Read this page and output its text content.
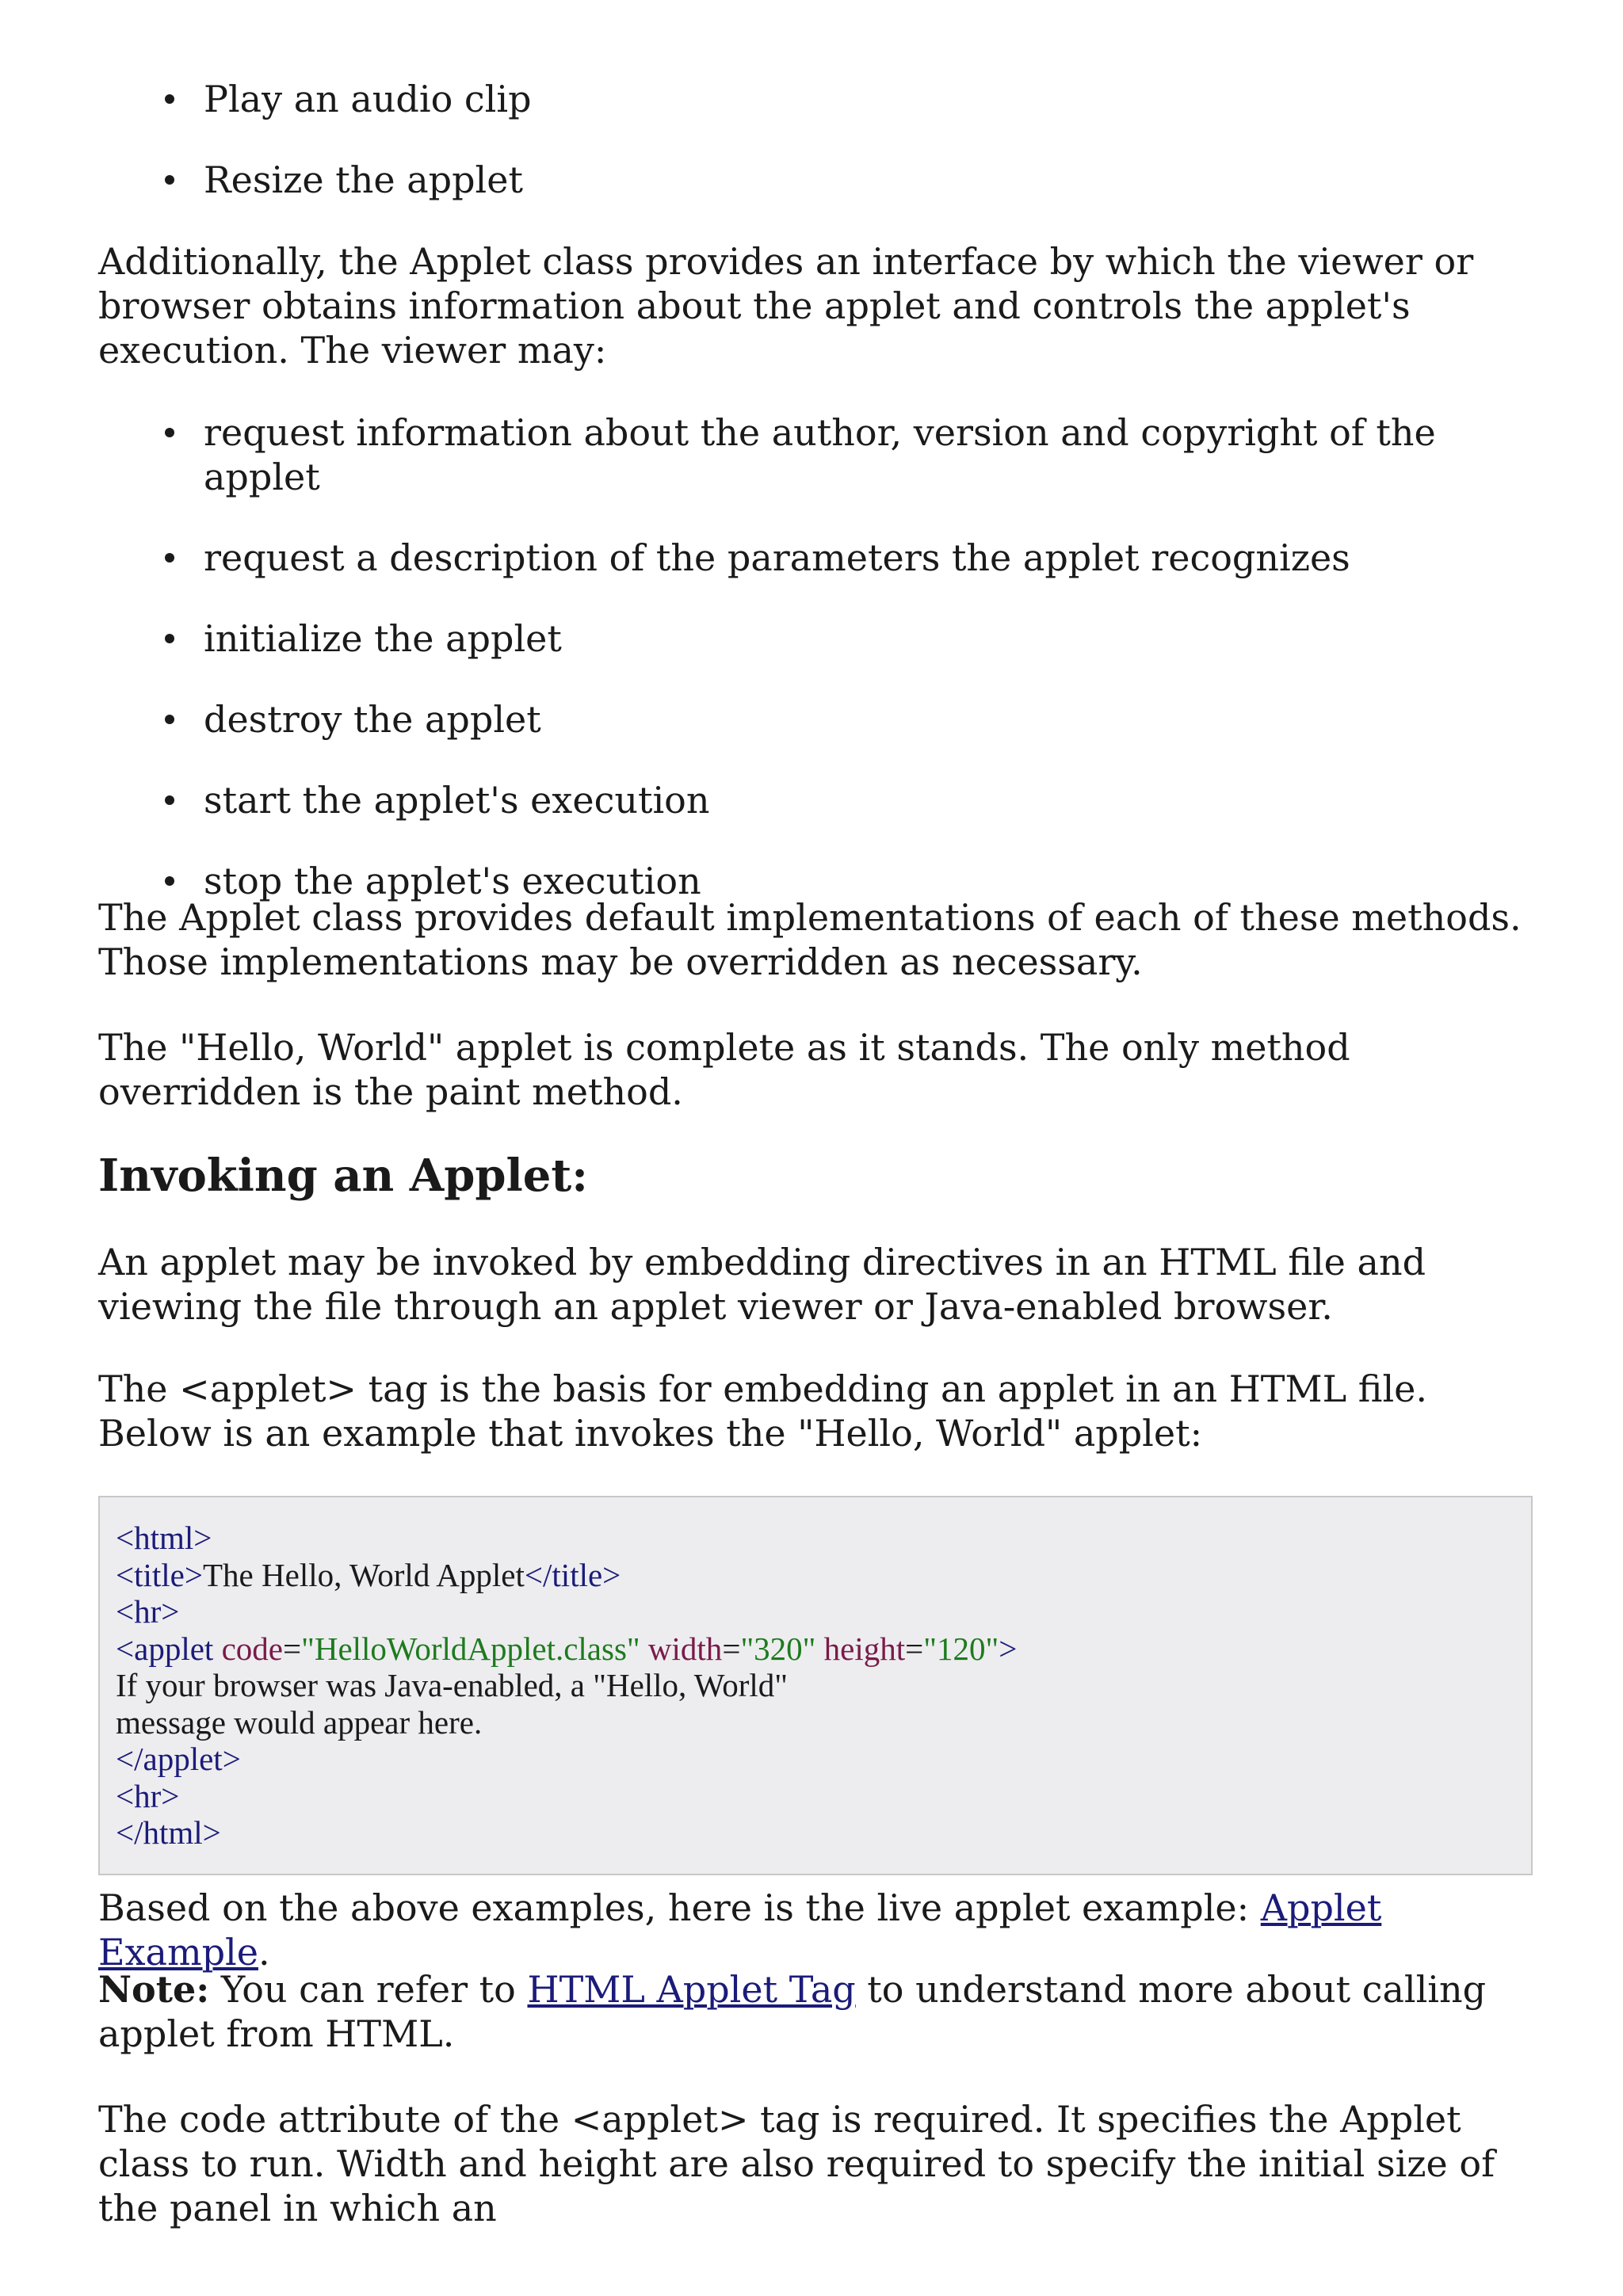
Play an audio clip
Resize the applet

Additionally, the Applet class provides an interface by which the viewer or browser obtains information about the applet and controls the applet's execution. The viewer may:

request information about the author, version and copyright of the applet
request a description of the parameters the applet recognizes
initialize the applet
destroy the applet
start the applet's execution
stop the applet's execution

The Applet class provides default implementations of each of these methods. Those implementations may be overridden as necessary.

The "Hello, World" applet is complete as it stands. The only method overridden is the paint method.

Invoking an Applet:

An applet may be invoked by embedding directives in an HTML file and viewing the file through an applet viewer or Java-enabled browser.

The <applet> tag is the basis for embedding an applet in an HTML file. Below is an example that invokes the "Hello, World" applet:

<html>
<title>The Hello, World Applet</title>
<hr>
<applet code="HelloWorldApplet.class" width="320" height="120">
If your browser was Java-enabled, a "Hello, World"
message would appear here.
</applet>
<hr>
</html>

Based on the above examples, here is the live applet example: Applet Example.

Note: You can refer to HTML Applet Tag to understand more about calling applet from HTML.

The code attribute of the <applet> tag is required. It specifies the Applet class to run. Width and height are also required to specify the initial size of the panel in which an
